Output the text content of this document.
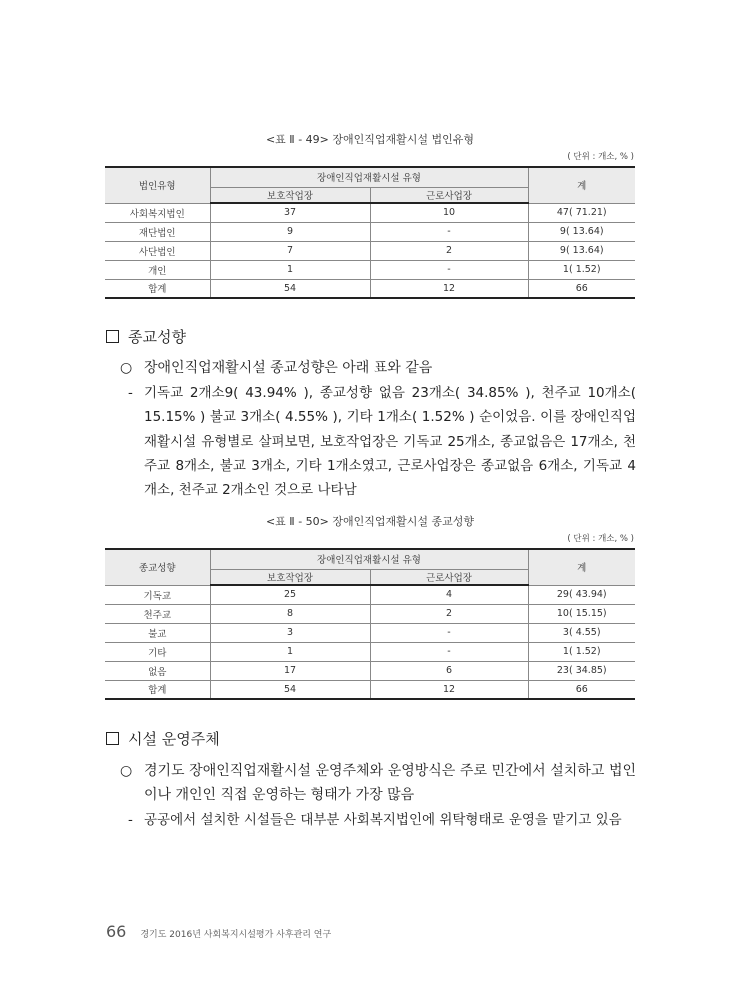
<표 Ⅱ - 49> 장애인직업재활시설 법인유형
( 단위 : 개소, % )
법인유형	장애인직업재활시설 유형		계
	보호작업장	근로사업장	
사회복지법인	37	10	47( 71.21)
재단법인	9	-	9( 13.64)
사단법인	7	2	9( 13.64)
개인	1	-	1( 1.52)
합계	54	12	66
종교성향
○ 장애인직업재활시설 종교성향은 아래 표와 같음
- 기독교 2개소9( 43.94% ), 종교성향 없음 23개소( 34.85% ), 천주교 10개소( 15.15% ) 불교 3개소( 4.55% ), 기타 1개소( 1.52% ) 순이었음. 이를 장애인직업재활시설 유형별로 살펴보면, 보호작업장은 기독교 25개소, 종교없음은 17개소, 천주교 8개소, 불교 3개소, 기타 1개소였고, 근로사업장은 종교없음 6개소, 기독교 4개소, 천주교 2개소인 것으로 나타남
<표 Ⅱ - 50> 장애인직업재활시설 종교성향
( 단위 : 개소, % )
종교성향	장애인직업재활시설 유형		계
	보호작업장	근로사업장	
기독교	25	4	29( 43.94)
천주교	8	2	10( 15.15)
불교	3	-	3( 4.55)
기타	1	-	1( 1.52)
없음	17	6	23( 34.85)
합계	54	12	66
시설 운영주체
○ 경기도 장애인직업재활시설 운영주체와 운영방식은 주로 민간에서 설치하고 법인이나 개인인 직접 운영하는 형태가 가장 많음
- 공공에서 설치한 시설들은 대부분 사회복지법인에 위탁형태로 운영을 맡기고 있음
66 경기도 2016년 사회복지시설평가 사후관리 연구
